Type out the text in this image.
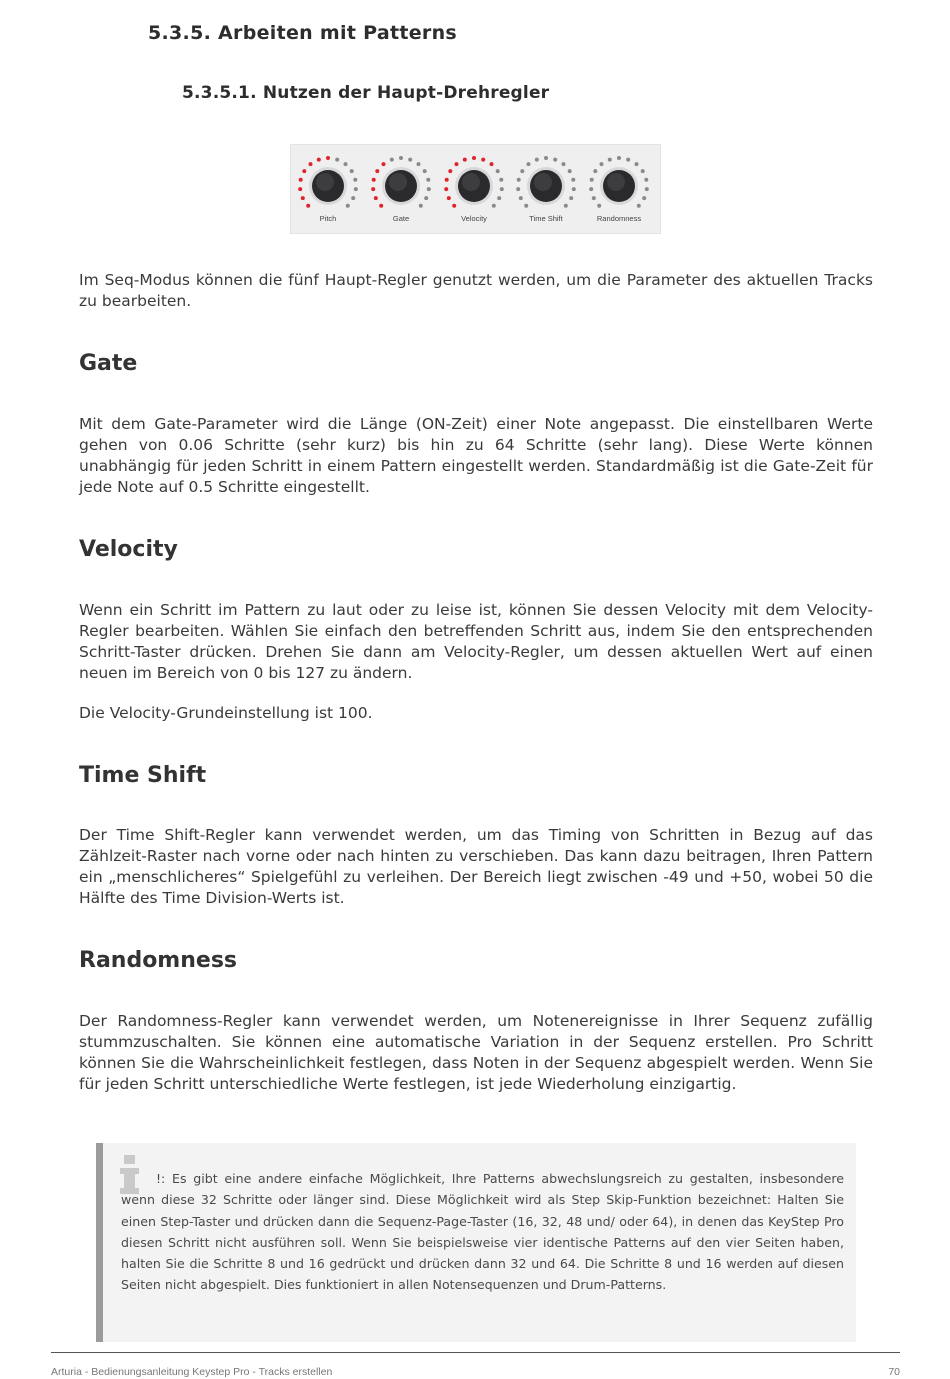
5.3.5. Arbeiten mit Patterns
5.3.5.1. Nutzen der Haupt-Drehregler
Pitch	Gate	Velocity	Time Shift	Randomness

Im Seq-Modus können die fünf Haupt-Regler genutzt werden, um die Parameter des aktuellen Tracks zu bearbeiten.

Gate

Mit dem Gate-Parameter wird die Länge (ON-Zeit) einer Note angepasst. Die einstellbaren Werte gehen von 0.06 Schritte (sehr kurz) bis hin zu 64 Schritte (sehr lang). Diese Werte können unabhängig für jeden Schritt in einem Pattern eingestellt werden. Standardmäßig ist die Gate-Zeit für jede Note auf 0.5 Schritte eingestellt.

Velocity

Wenn ein Schritt im Pattern zu laut oder zu leise ist, können Sie dessen Velocity mit dem Velocity-Regler bearbeiten. Wählen Sie einfach den betreffenden Schritt aus, indem Sie den entsprechenden Schritt-Taster drücken. Drehen Sie dann am Velocity-Regler, um dessen aktuellen Wert auf einen neuen im Bereich von 0 bis 127 zu ändern.

Die Velocity-Grundeinstellung ist 100.

Time Shift

Der Time Shift-Regler kann verwendet werden, um das Timing von Schritten in Bezug auf das Zählzeit-Raster nach vorne oder nach hinten zu verschieben. Das kann dazu beitragen, Ihren Pattern ein „menschlicheres“ Spielgefühl zu verleihen. Der Bereich liegt zwischen -49 und +50, wobei 50 die Hälfte des Time Division-Werts ist.

Randomness

Der Randomness-Regler kann verwendet werden, um Notenereignisse in Ihrer Sequenz zufällig stummzuschalten. Sie können eine automatische Variation in der Sequenz erstellen. Pro Schritt können Sie die Wahrscheinlichkeit festlegen, dass Noten in der Sequenz abgespielt werden. Wenn Sie für jeden Schritt unterschiedliche Werte festlegen, ist jede Wiederholung einzigartig.

!: Es gibt eine andere einfache Möglichkeit, Ihre Patterns abwechslungsreich zu gestalten, insbesondere wenn diese 32 Schritte oder länger sind. Diese Möglichkeit wird als Step Skip-Funktion bezeichnet: Halten Sie einen Step-Taster und drücken dann die Sequenz-Page-Taster (16, 32, 48 und/ oder 64), in denen das KeyStep Pro diesen Schritt nicht ausführen soll. Wenn Sie beispielsweise vier identische Patterns auf den vier Seiten haben, halten Sie die Schritte 8 und 16 gedrückt und drücken dann 32 und 64. Die Schritte 8 und 16 werden auf diesen Seiten nicht abgespielt. Dies funktioniert in allen Notensequenzen und Drum-Patterns.

Arturia - Bedienungsanleitung Keystep Pro - Tracks erstellen	70
